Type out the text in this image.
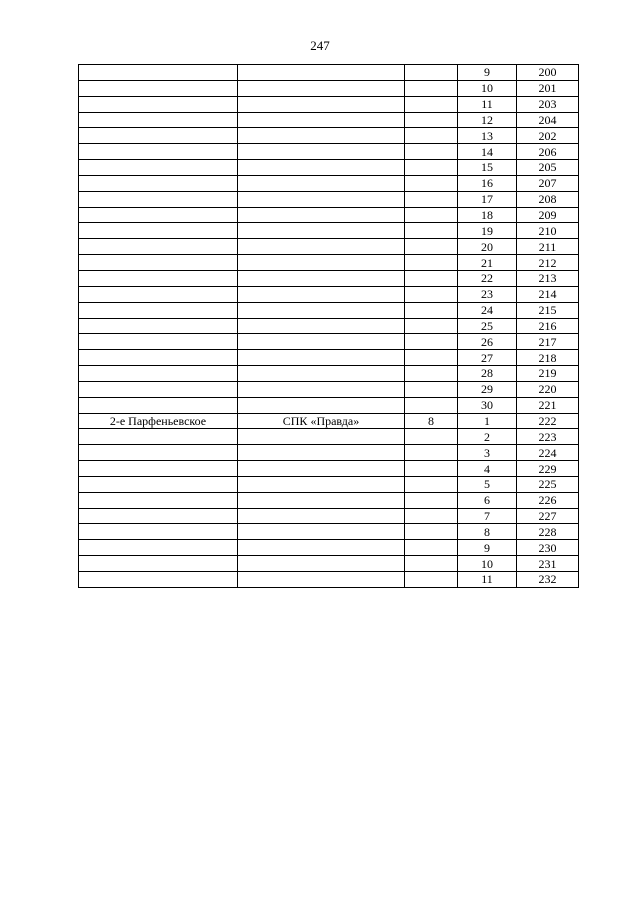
247
			9	200
			10	201
			11	203
			12	204
			13	202
			14	206
			15	205
			16	207
			17	208
			18	209
			19	210
			20	211
			21	212
			22	213
			23	214
			24	215
			25	216
			26	217
			27	218
			28	219
			29	220
			30	221
2-е Парфеньевское	СПК «Правда»	8	1	222
			2	223
			3	224
			4	229
			5	225
			6	226
			7	227
			8	228
			9	230
			10	231
			11	232
